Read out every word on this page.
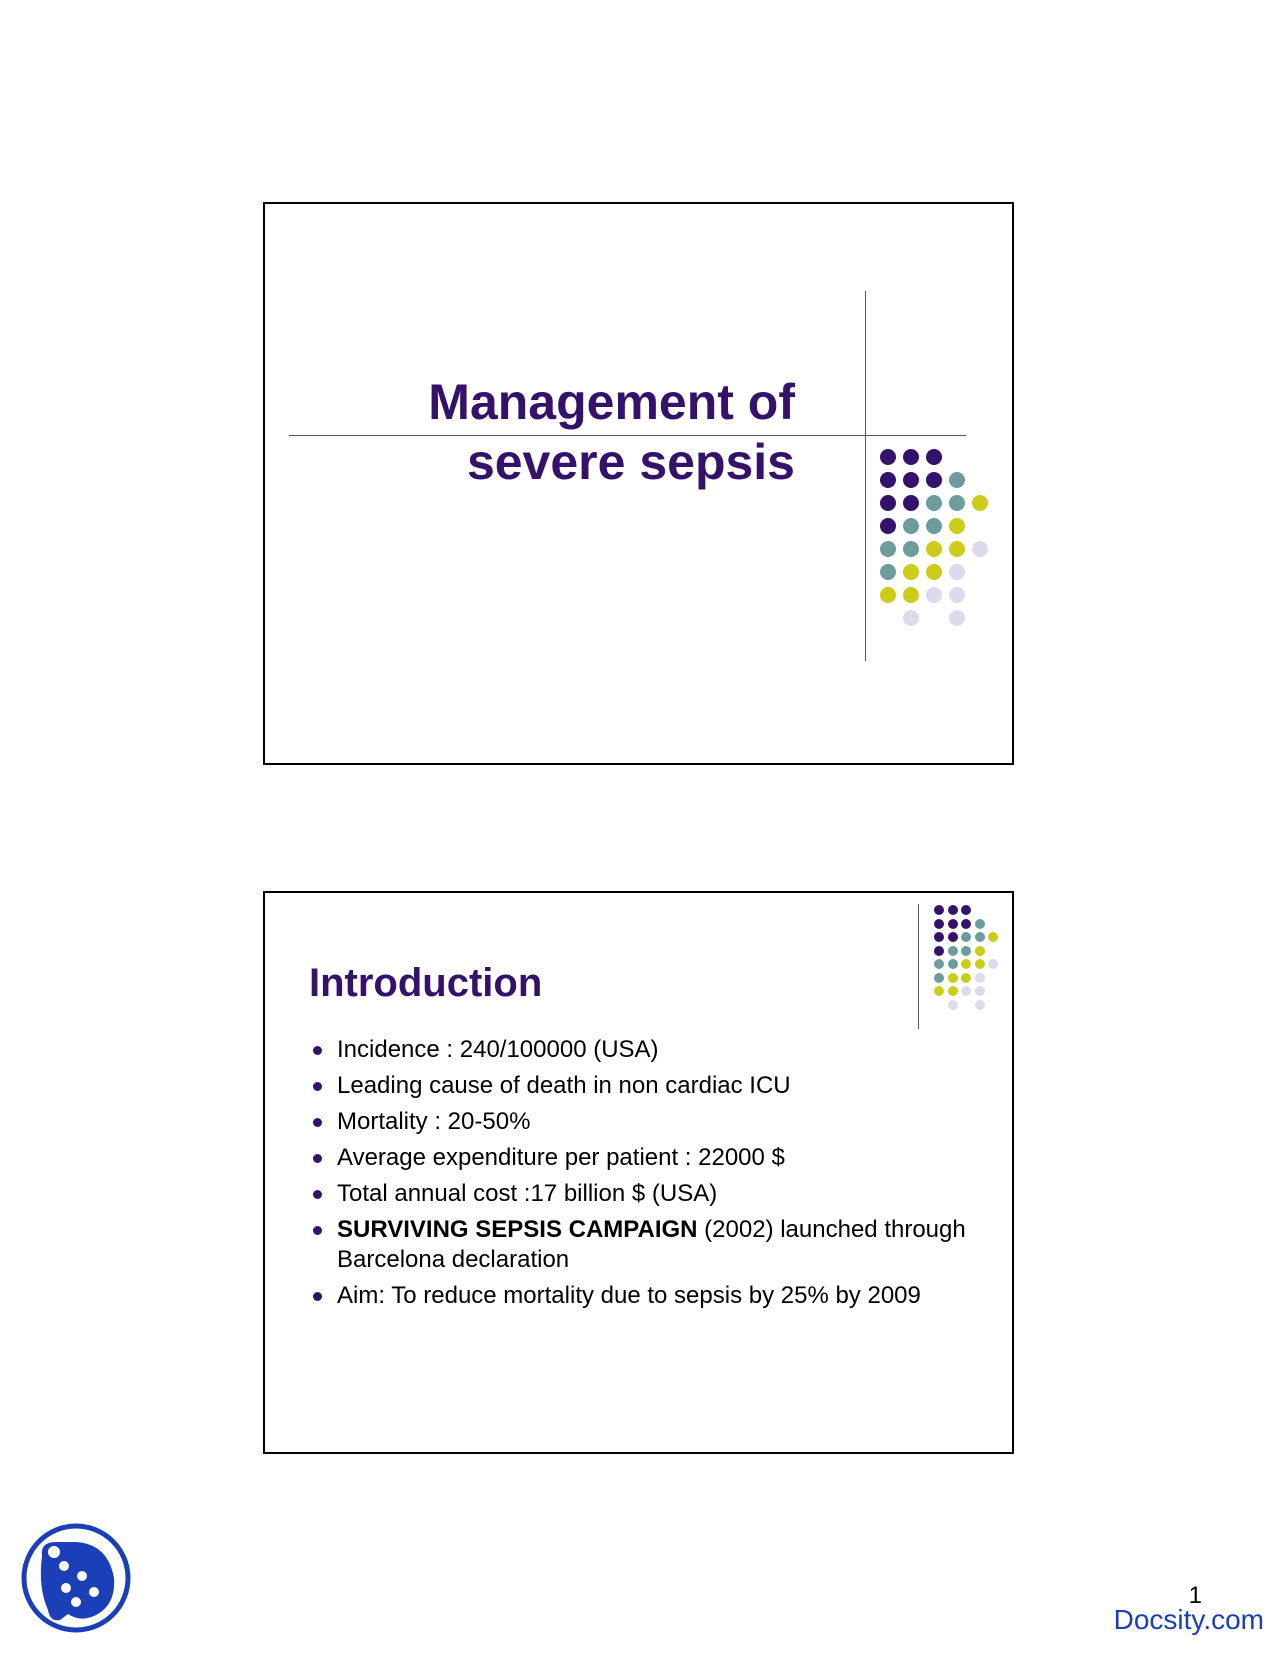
Management of
severe sepsis
Introduction
Incidence : 240/100000 (USA)
Leading cause of death in non cardiac ICU
Mortality : 20-50%
Average expenditure per patient : 22000 $
Total annual cost :17 billion $ (USA)
SURVIVING SEPSIS CAMPAIGN (2002) launched through Barcelona declaration
Aim: To reduce mortality due to sepsis by 25% by 2009
1
Docsity.com
